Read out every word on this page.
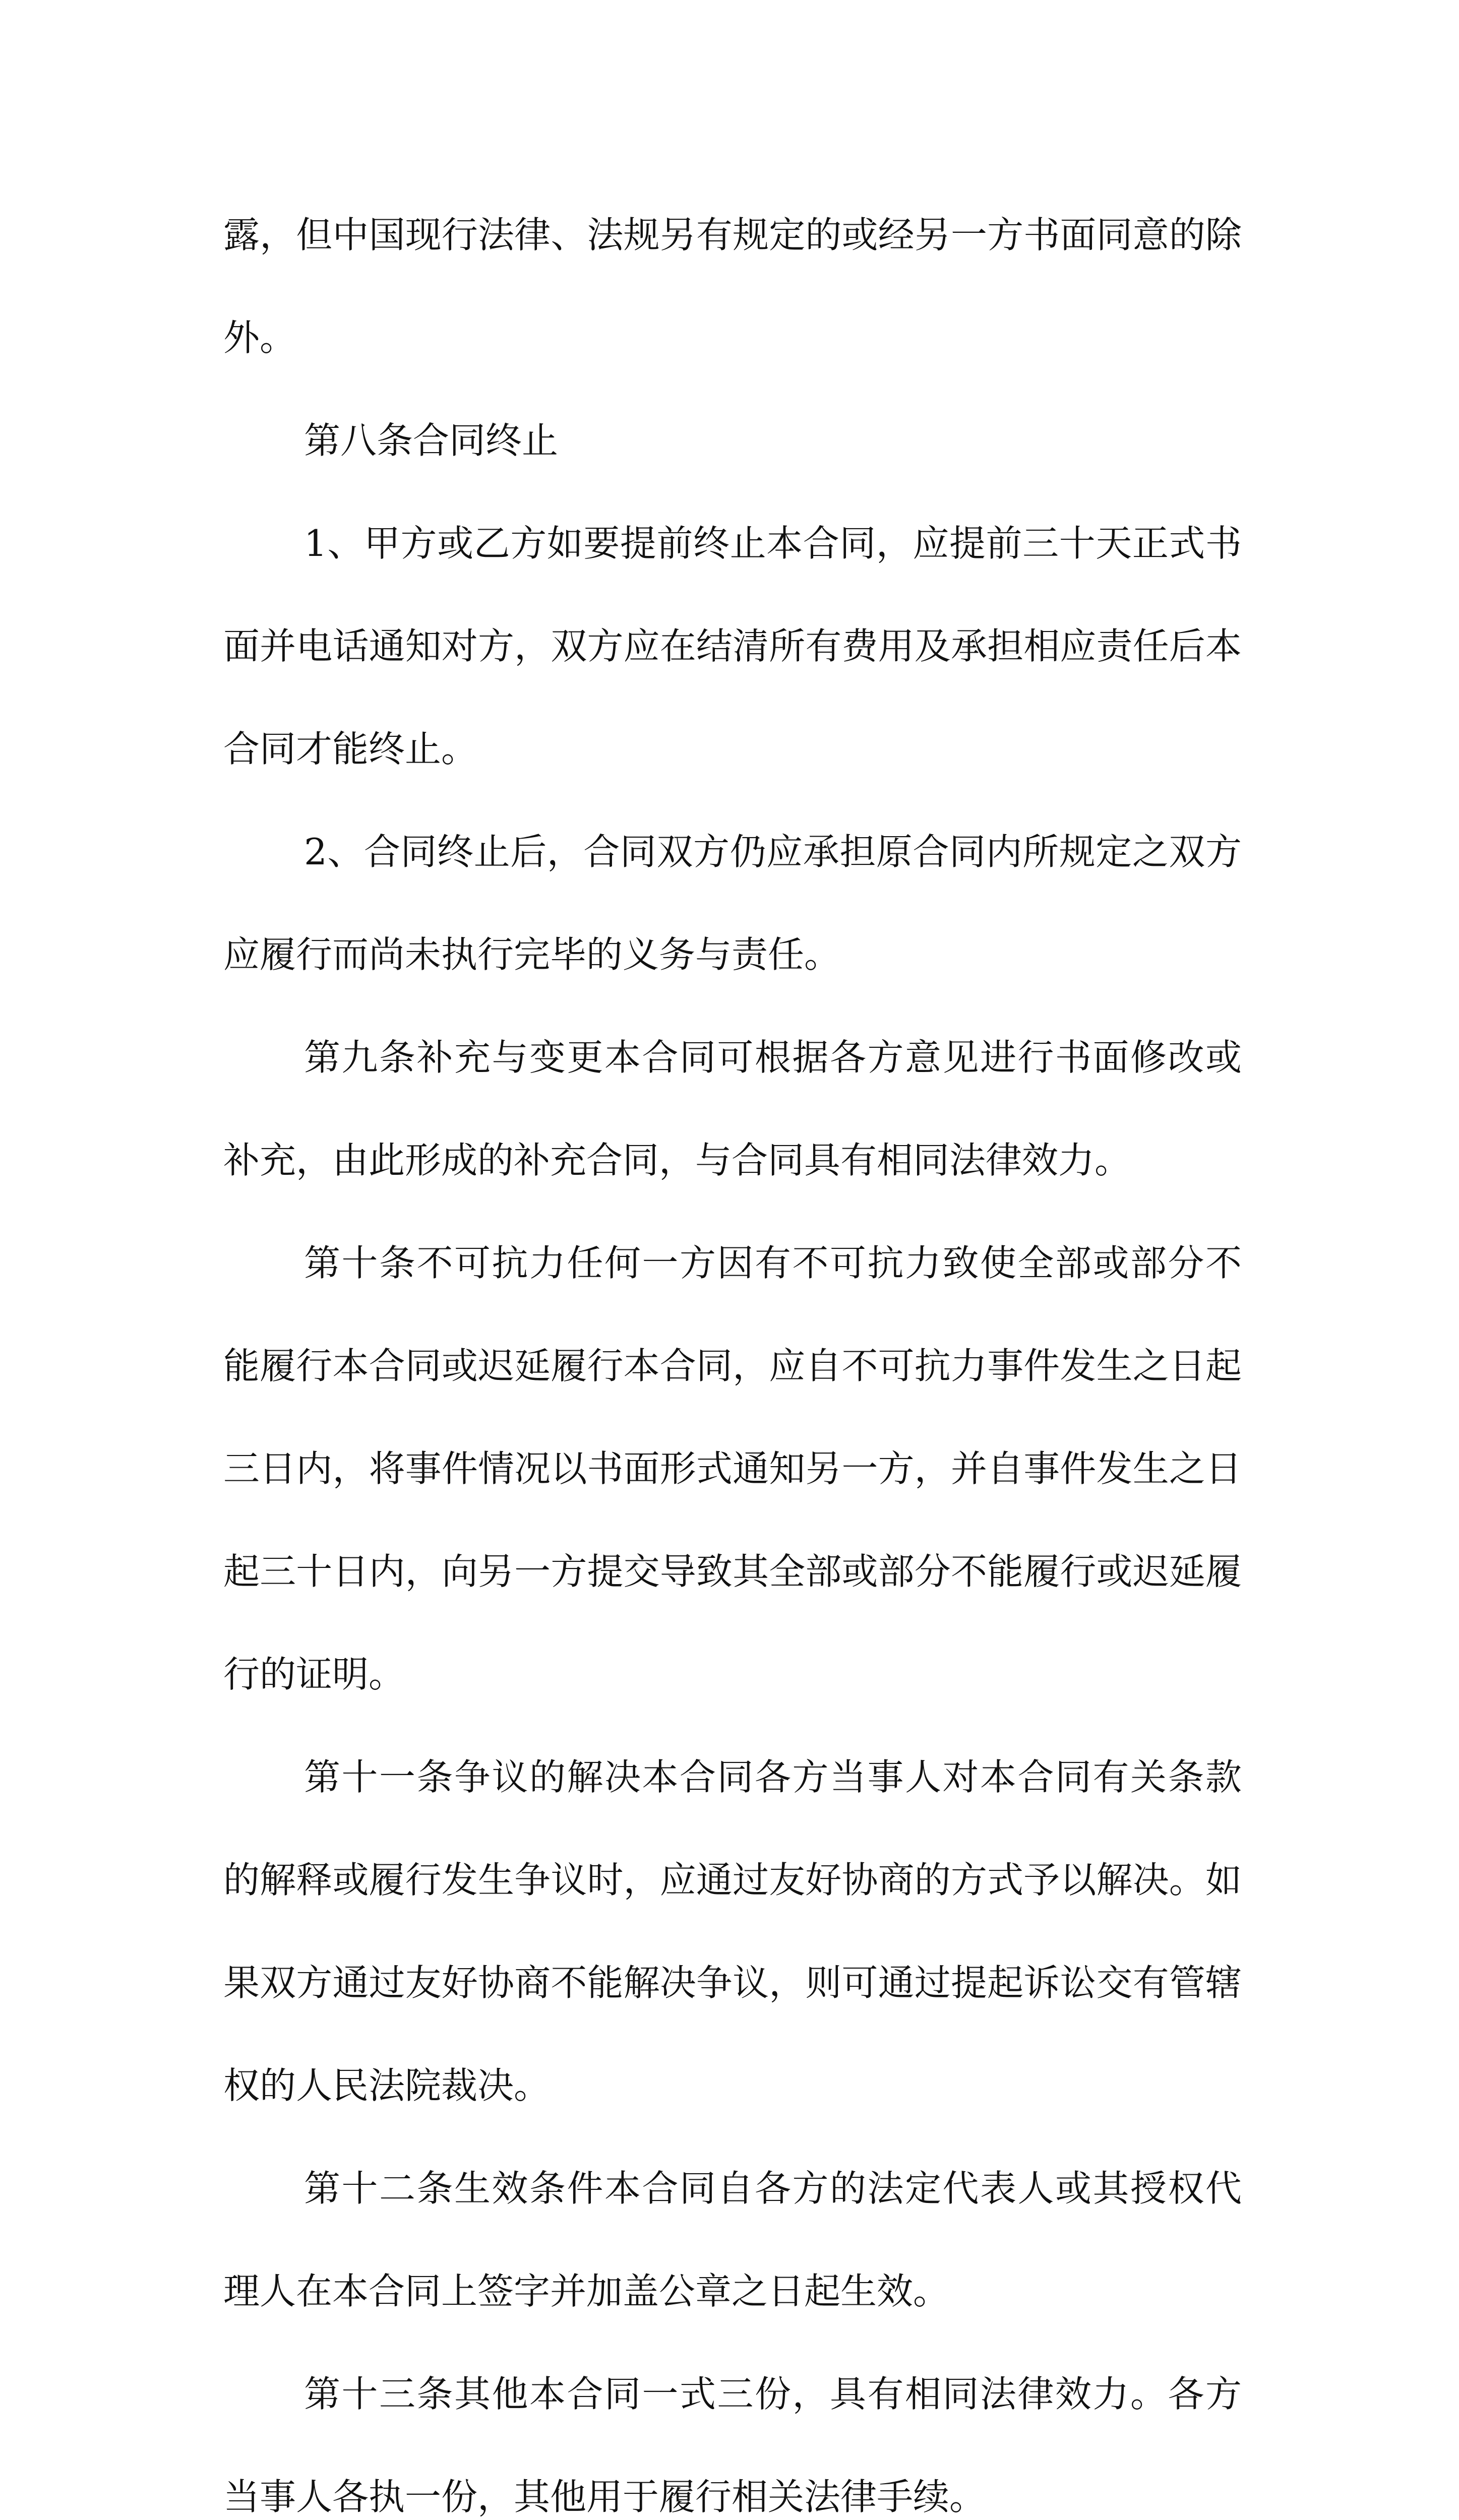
露，但中国现行法律、法规另有规定的或经另一方书面同意的除外。

第八条合同终止

1、甲方或乙方如要提前终止本合同，应提前三十天正式书面并电话通知对方，双方应在结清所有费用及承担相应责任后本合同才能终止。

2、合同终止后，合同双方仍应承担原合同内所规定之双方应履行而尚未执行完毕的义务与责任。

第九条补充与变更本合同可根据各方意见进行书面修改或补充，由此形成的补充合同，与合同具有相同法律效力。

第十条不可抗力任何一方因有不可抗力致使全部或部分不能履行本合同或迟延履行本合同，应自不可抗力事件发生之日起三日内，将事件情况以书面形式通知另一方，并自事件发生之日起三十日内，向另一方提交导致其全部或部分不能履行或迟延履行的证明。

第十一条争议的解决本合同各方当事人对本合同有关条款的解释或履行发生争议时，应通过友好协商的方式予以解决。如果双方通过友好协商不能解决争议，则可通过提起诉讼交有管辖权的人民法院裁决。

第十二条生效条件本合同自各方的法定代表人或其授权代理人在本合同上签字并加盖公章之日起生效。

第十三条其他本合同一式三份，具有相同法律效力。各方当事人各执一份，其他用于履行相关法律手续。
